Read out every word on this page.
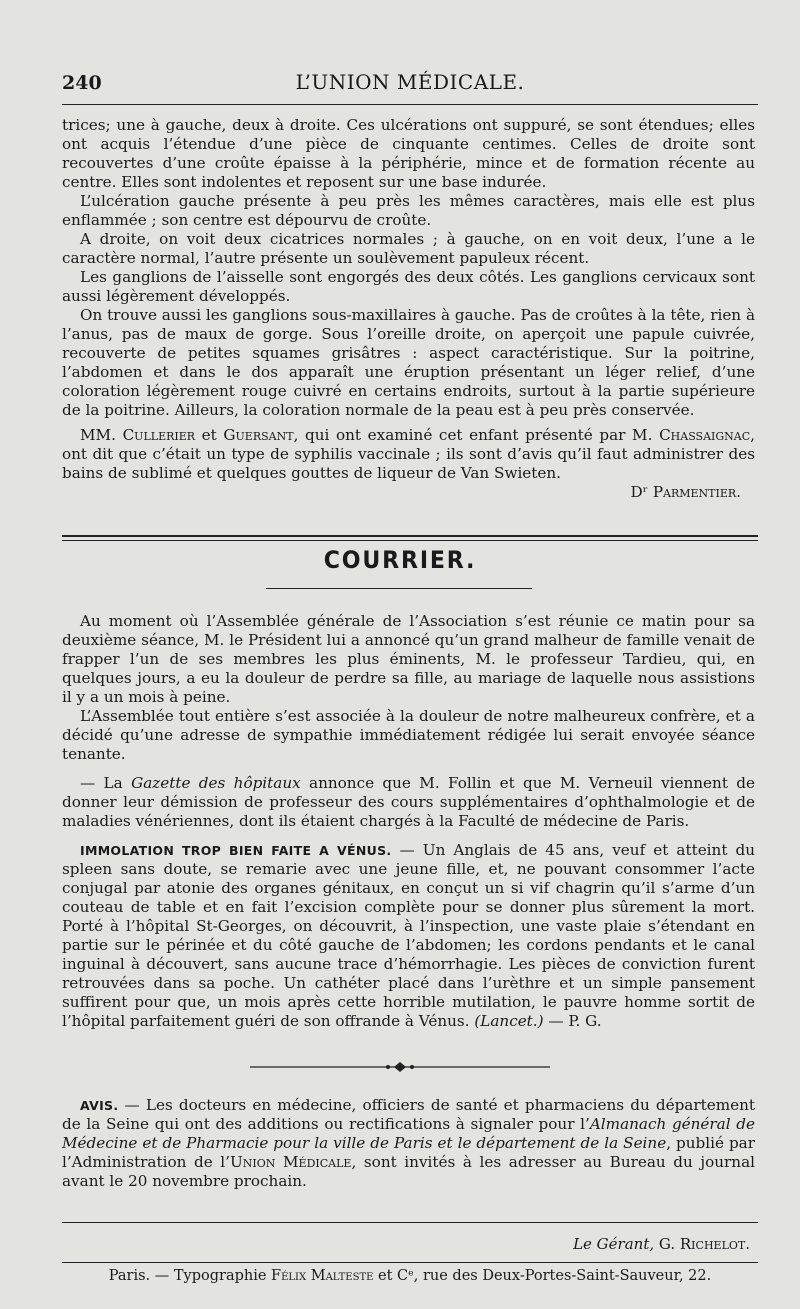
240	L’UNION MÉDICALE.

trices; une à gauche, deux à droite. Ces ulcérations ont suppuré, se sont étendues; elles ont acquis l’étendue d’une pièce de cinquante centimes. Celles de droite sont recouvertes d’une croûte épaisse à la périphérie, mince et de formation récente au centre. Elles sont indolentes et reposent sur une base indurée.

L’ulcération gauche présente à peu près les mêmes caractères, mais elle est plus enflammée ; son centre est dépourvu de croûte.

A droite, on voit deux cicatrices normales ; à gauche, on en voit deux, l’une a le caractère normal, l’autre présente un soulèvement papuleux récent.

Les ganglions de l’aisselle sont engorgés des deux côtés. Les ganglions cervicaux sont aussi légèrement développés.

On trouve aussi les ganglions sous-maxillaires à gauche. Pas de croûtes à la tête, rien à l’anus, pas de maux de gorge. Sous l’oreille droite, on aperçoit une papule cuivrée, recouverte de petites squames grisâtres : aspect caractéristique. Sur la poitrine, l’abdomen et dans le dos apparaît une éruption présentant un léger relief, d’une coloration légèrement rouge cuivré en certains endroits, surtout à la partie supérieure de la poitrine. Ailleurs, la coloration normale de la peau est à peu près conservée.

MM. Cullerier et Guersant, qui ont examiné cet enfant présenté par M. Chassaignac, ont dit que c’était un type de syphilis vaccinale ; ils sont d’avis qu’il faut administrer des bains de sublimé et quelques gouttes de liqueur de Van Swieten.

Dʳ Parmentier.

COURRIER.

Au moment où l’Assemblée générale de l’Association s’est réunie ce matin pour sa deuxième séance, M. le Président lui a annoncé qu’un grand malheur de famille venait de frapper l’un de ses membres les plus éminents, M. le professeur Tardieu, qui, en quelques jours, a eu la douleur de perdre sa fille, au mariage de laquelle nous assistions il y a un mois à peine.

L’Assemblée tout entière s’est associée à la douleur de notre malheureux confrère, et a décidé qu’une adresse de sympathie immédiatement rédigée lui serait envoyée séance tenante.

— La Gazette des hôpitaux annonce que M. Follin et que M. Verneuil viennent de donner leur démission de professeur des cours supplémentaires d’ophthalmologie et de maladies vénériennes, dont ils étaient chargés à la Faculté de médecine de Paris.

IMMOLATION TROP BIEN FAITE A VÉNUS. — Un Anglais de 45 ans, veuf et atteint du spleen sans doute, se remarie avec une jeune fille, et, ne pouvant consommer l’acte conjugal par atonie des organes génitaux, en conçut un si vif chagrin qu’il s’arme d’un couteau de table et en fait l’excision complète pour se donner plus sûrement la mort. Porté à l’hôpital St-Georges, on découvrit, à l’inspection, une vaste plaie s’étendant en partie sur le périnée et du côté gauche de l’abdomen; les cordons pendants et le canal inguinal à découvert, sans aucune trace d’hémorrhagie. Les pièces de conviction furent retrouvées dans sa poche. Un cathéter placé dans l’urèthre et un simple pansement suffirent pour que, un mois après cette horrible mutilation, le pauvre homme sortit de l’hôpital parfaitement guéri de son offrande à Vénus. (Lancet.) — P. G.

AVIS. — Les docteurs en médecine, officiers de santé et pharmaciens du département de la Seine qui ont des additions ou rectifications à signaler pour l’Almanach général de Médecine et de Pharmacie pour la ville de Paris et le département de la Seine, publié par l’Administration de l’Union Médicale, sont invités à les adresser au Bureau du journal avant le 20 novembre prochain.

Le Gérant, G. Richelot.
Paris. — Typographie Félix Malteste et Cᵉ, rue des Deux-Portes-Saint-Sauveur, 22.
